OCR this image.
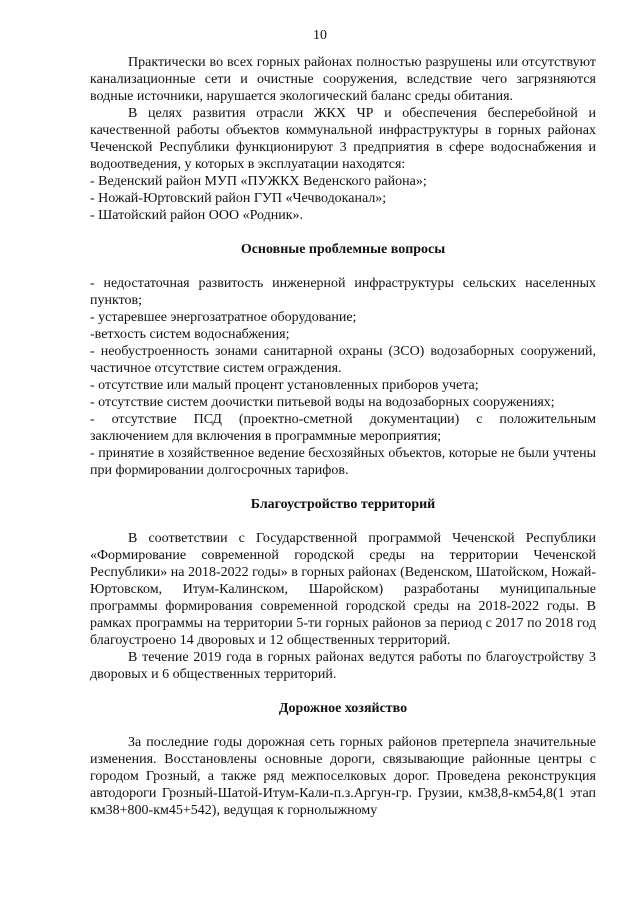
10

Практически во всех горных районах полностью разрушены или отсутствуют канализационные сети и очистные сооружения, вследствие чего загрязняются водные источники, нарушается экологический баланс среды обитания.

В целях развития отрасли ЖКХ ЧР и обеспечения бесперебойной и качественной работы объектов коммунальной инфраструктуры в горных районах Чеченской Республики функционируют 3 предприятия в сфере водоснабжения и водоотведения, у которых в эксплуатации находятся:

- Веденский район МУП «ПУЖКХ Веденского района»;

- Ножай-Юртовский район ГУП «Чечводоканал»;

- Шатойский район ООО «Родник».

Основные проблемные вопросы

- недостаточная развитость инженерной инфраструктуры сельских населенных пунктов;

- устаревшее энергозатратное оборудование;

-ветхость систем водоснабжения;

- необустроенность зонами санитарной охраны (ЗСО) водозаборных сооружений, частичное отсутствие систем ограждения.

- отсутствие или малый процент установленных приборов учета;

- отсутствие систем доочистки питьевой воды на водозаборных сооружениях;

- отсутствие ПСД (проектно-сметной документации) с положительным заключением для включения в программные мероприятия;

- принятие в хозяйственное ведение бесхозяйных объектов, которые не были учтены при формировании долгосрочных тарифов.

Благоустройство территорий

В соответствии с Государственной программой Чеченской Республики «Формирование современной городской среды на территории Чеченской Республики» на 2018-2022 годы» в горных районах (Веденском, Шатойском, Ножай-Юртовском, Итум-Калинском, Шаройском) разработаны муниципальные программы формирования современной городской среды на 2018-2022 годы. В рамках программы на территории 5-ти горных районов за период с 2017 по 2018 год благоустроено 14 дворовых и 12 общественных территорий.

В течение 2019 года в горных районах ведутся работы по благоустройству 3 дворовых и 6 общественных территорий.

Дорожное хозяйство

За последние годы дорожная сеть горных районов претерпела значительные изменения. Восстановлены основные дороги, связывающие районные центры с городом Грозный, а также ряд межпоселковых дорог. Проведена реконструкция автодороги Грозный-Шатой-Итум-Кали-п.з.Аргун-гр. Грузии, км38,8-км54,8(1 этап км38+800-км45+542), ведущая к горнолыжному
